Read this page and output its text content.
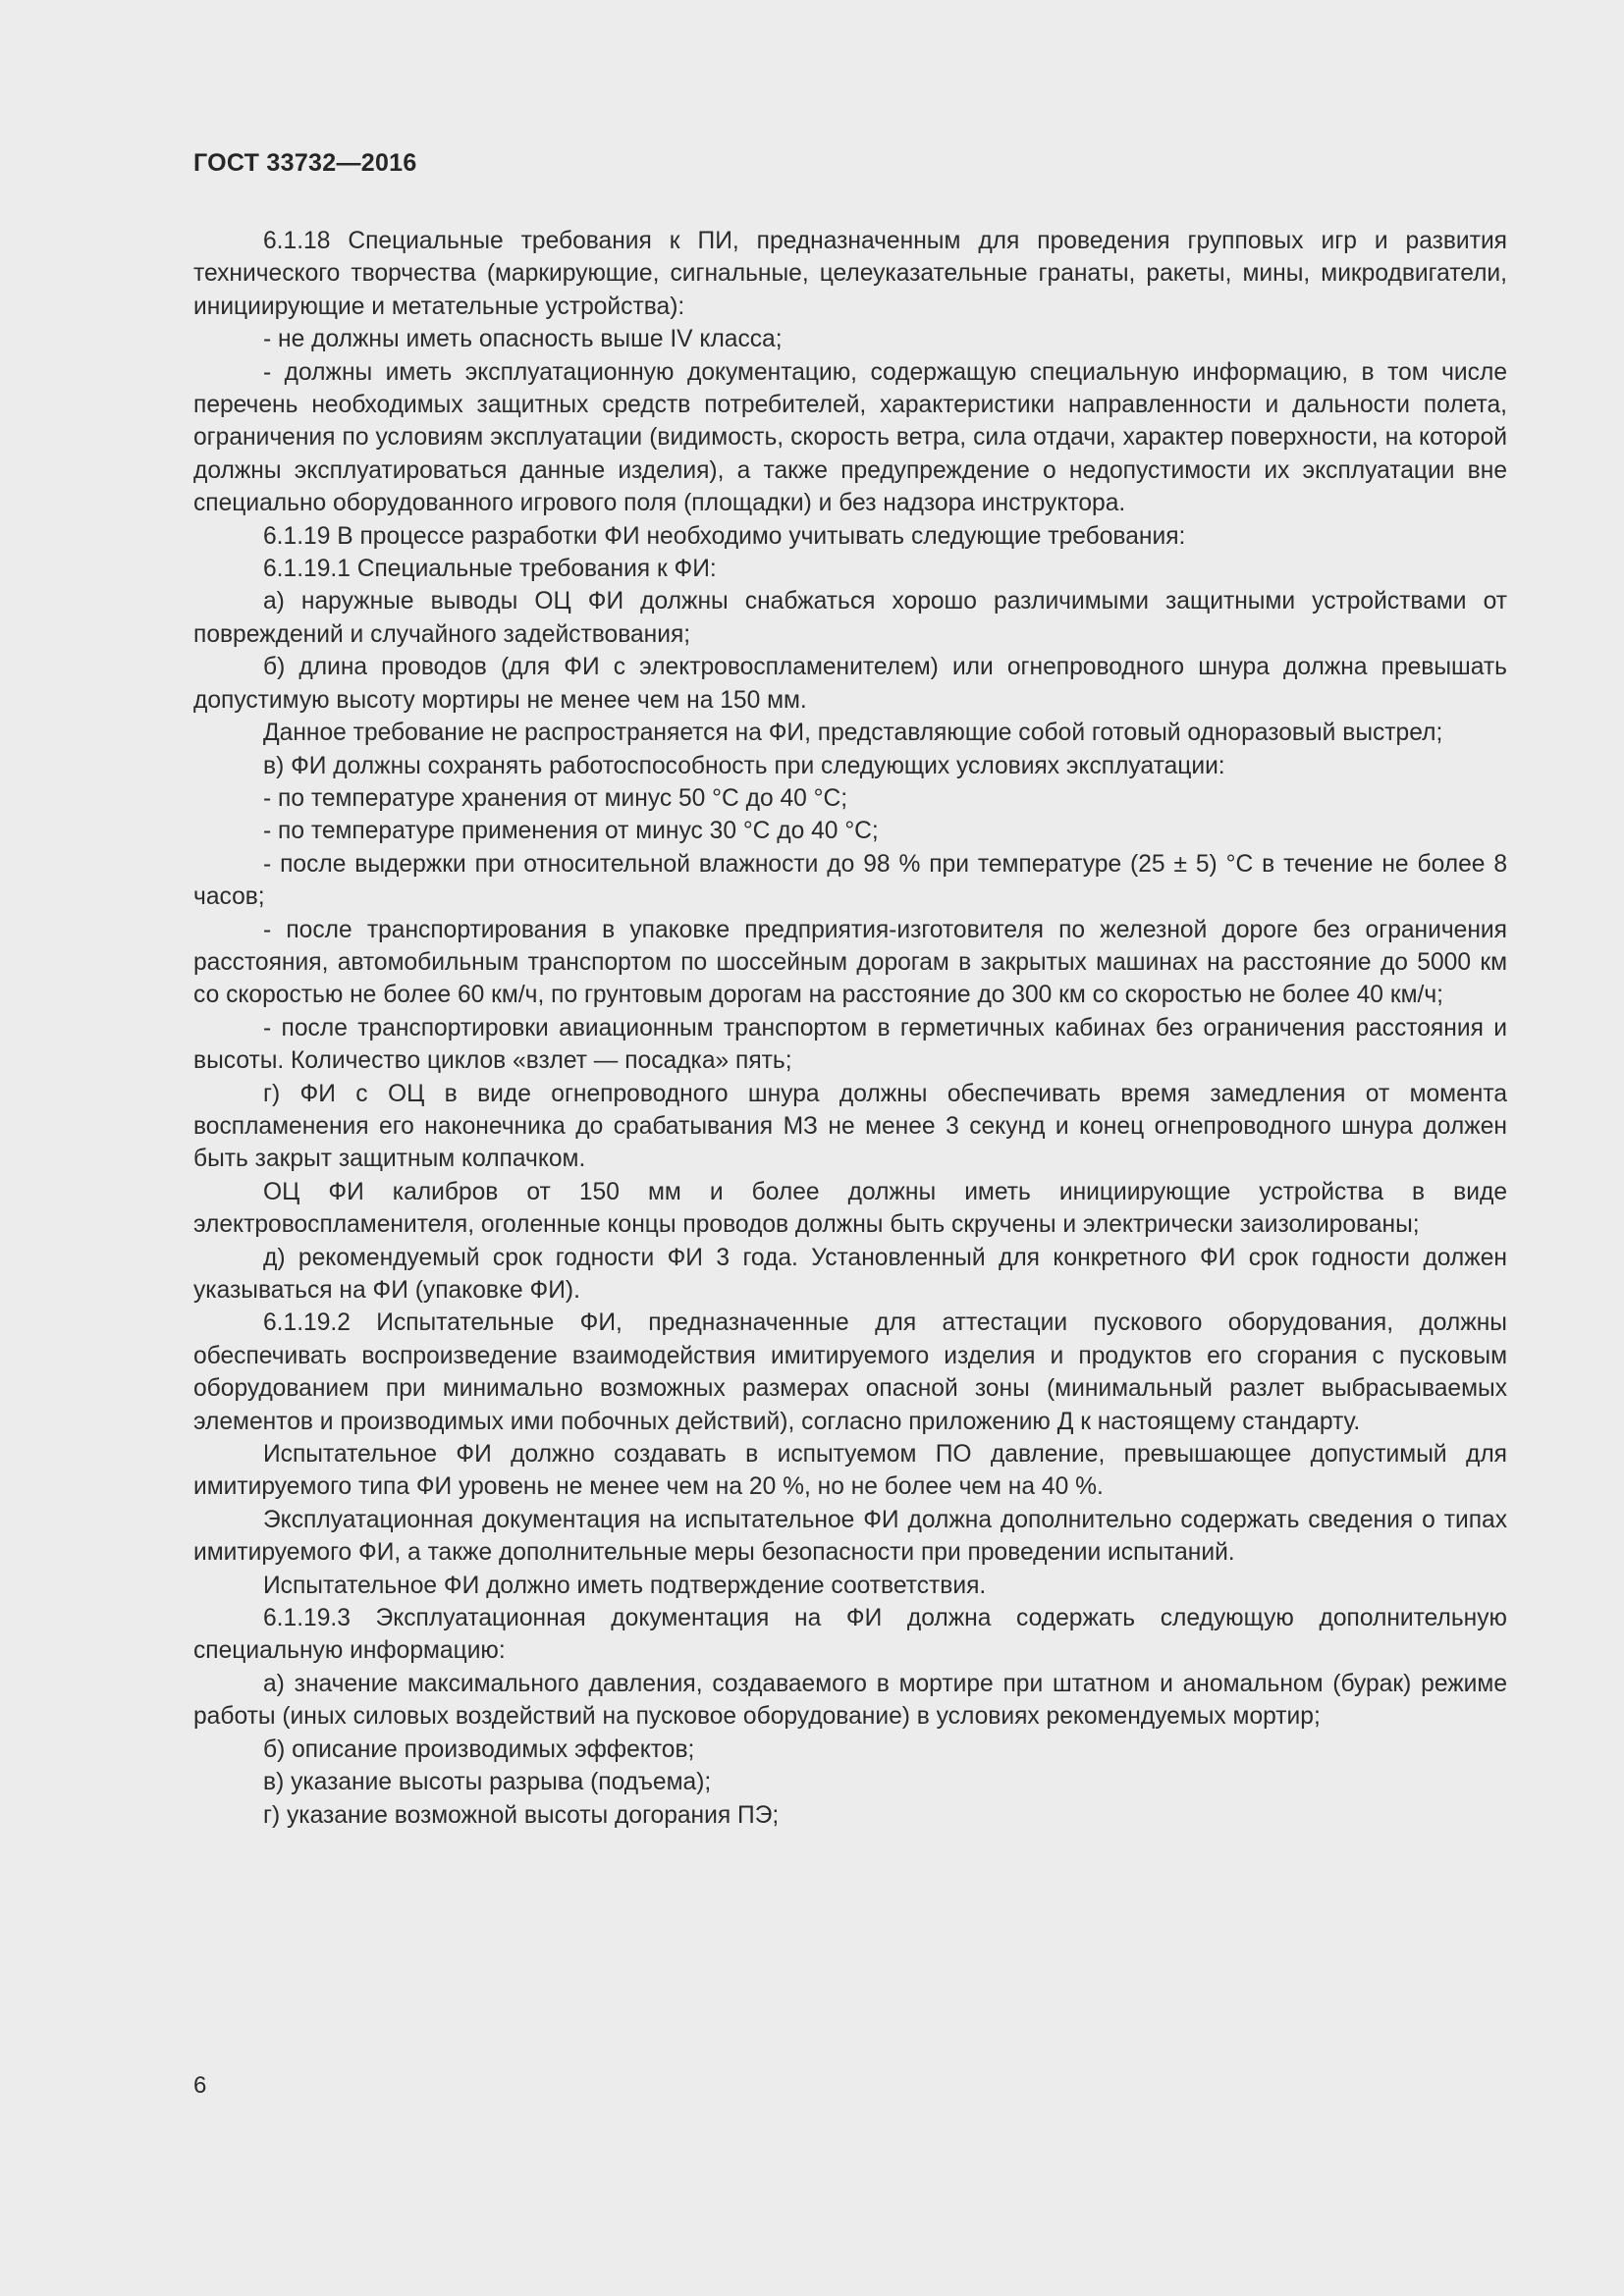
ГОСТ 33732—2016

6.1.18 Специальные требования к ПИ, предназначенным для проведения групповых игр и развития технического творчества (маркирующие, сигнальные, целеуказательные гранаты, ракеты, мины, микродвигатели, инициирующие и метательные устройства):

- не должны иметь опасность выше IV класса;

- должны иметь эксплуатационную документацию, содержащую специальную информацию, в том числе перечень необходимых защитных средств потребителей, характеристики направленности и дальности полета, ограничения по условиям эксплуатации (видимость, скорость ветра, сила отдачи, характер поверхности, на которой должны эксплуатироваться данные изделия), а также предупреждение о недопустимости их эксплуатации вне специально оборудованного игрового поля (площадки) и без надзора инструктора.

6.1.19 В процессе разработки ФИ необходимо учитывать следующие требования:

6.1.19.1 Специальные требования к ФИ:

а) наружные выводы ОЦ ФИ должны снабжаться хорошо различимыми защитными устройствами от повреждений и случайного задействования;

б) длина проводов (для ФИ с электровоспламенителем) или огнепроводного шнура должна превышать допустимую высоту мортиры не менее чем на 150 мм.

Данное требование не распространяется на ФИ, представляющие собой готовый одноразовый выстрел;

в) ФИ должны сохранять работоспособность при следующих условиях эксплуатации:

- по температуре хранения от минус 50 °С до 40 °С;

- по температуре применения от минус 30 °С до 40 °С;

- после выдержки при относительной влажности до 98 % при температуре (25 ± 5) °С в течение не более 8 часов;

- после транспортирования в упаковке предприятия-изготовителя по железной дороге без ограничения расстояния, автомобильным транспортом по шоссейным дорогам в закрытых машинах на расстояние до 5000 км со скоростью не более 60 км/ч, по грунтовым дорогам на расстояние до 300 км со скоростью не более 40 км/ч;

- после транспортировки авиационным транспортом в герметичных кабинах без ограничения расстояния и высоты. Количество циклов «взлет — посадка» пять;

г) ФИ с ОЦ в виде огнепроводного шнура должны обеспечивать время замедления от момента воспламенения его наконечника до срабатывания МЗ не менее 3 секунд и конец огнепроводного шнура должен быть закрыт защитным колпачком.

ОЦ ФИ калибров от 150 мм и более должны иметь инициирующие устройства в виде электровоспламенителя, оголенные концы проводов должны быть скручены и электрически заизолированы;

д) рекомендуемый срок годности ФИ 3 года. Установленный для конкретного ФИ срок годности должен указываться на ФИ (упаковке ФИ).

6.1.19.2 Испытательные ФИ, предназначенные для аттестации пускового оборудования, должны обеспечивать воспроизведение взаимодействия имитируемого изделия и продуктов его сгорания с пусковым оборудованием при минимально возможных размерах опасной зоны (минимальный разлет выбрасываемых элементов и производимых ими побочных действий), согласно приложению Д к настоящему стандарту.

Испытательное ФИ должно создавать в испытуемом ПО давление, превышающее допустимый для имитируемого типа ФИ уровень не менее чем на 20 %, но не более чем на 40 %.

Эксплуатационная документация на испытательное ФИ должна дополнительно содержать сведения о типах имитируемого ФИ, а также дополнительные меры безопасности при проведении испытаний.

Испытательное ФИ должно иметь подтверждение соответствия.

6.1.19.3 Эксплуатационная документация на ФИ должна содержать следующую дополнительную специальную информацию:

а) значение максимального давления, создаваемого в мортире при штатном и аномальном (бурак) режиме работы (иных силовых воздействий на пусковое оборудование) в условиях рекомендуемых мортир;

б) описание производимых эффектов;

в) указание высоты разрыва (подъема);

г) указание возможной высоты догорания ПЭ;

6
